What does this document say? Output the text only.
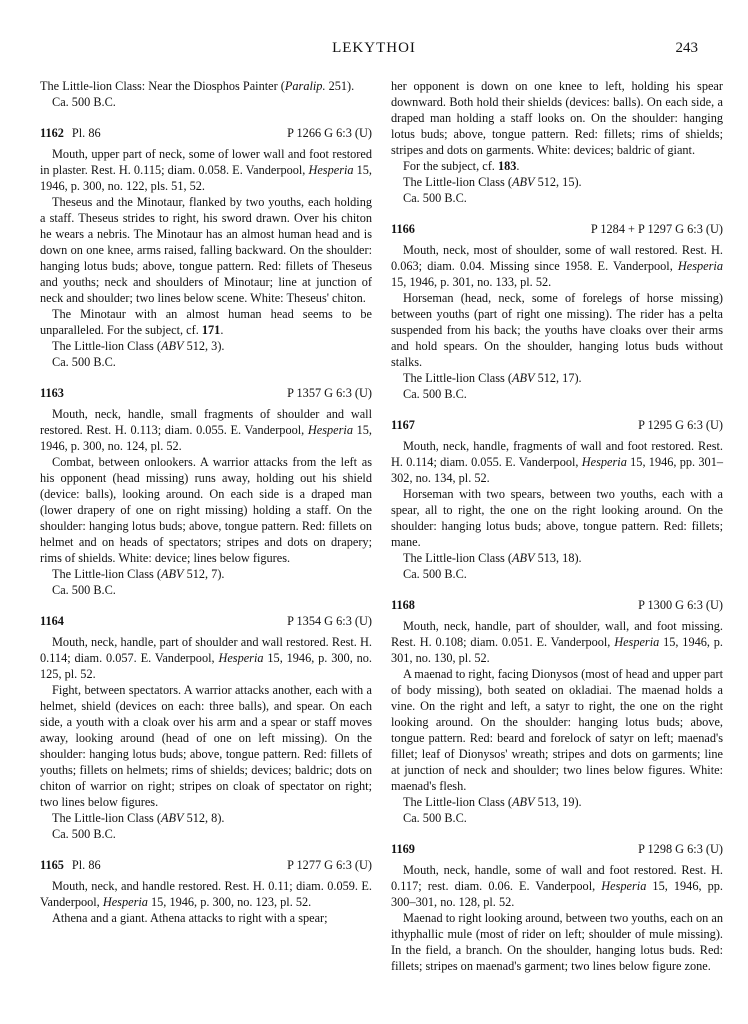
LEKYTHOI	243

The Little-lion Class: Near the Diosphos Painter (Paralip. 251).

Ca. 500 B.C.

1162 Pl. 86	P 1266 G 6:3 (U)

Mouth, upper part of neck, some of lower wall and foot restored in plaster. Rest. H. 0.115; diam. 0.058. E. Vanderpool, Hesperia 15, 1946, p. 300, no. 122, pls. 51, 52.

Theseus and the Minotaur, flanked by two youths, each holding a staff. Theseus strides to right, his sword drawn. Over his chiton he wears a nebris. The Minotaur has an almost human head and is down on one knee, arms raised, falling backward. On the shoulder: hanging lotus buds; above, tongue pattern. Red: fillets of Theseus and youths; neck and shoulders of Minotaur; line at junction of neck and shoulder; two lines below scene. White: Theseus' chiton.

The Minotaur with an almost human head seems to be unparalleled. For the subject, cf. 171.

The Little-lion Class (ABV 512, 3).

Ca. 500 B.C.

1163	P 1357 G 6:3 (U)

Mouth, neck, handle, small fragments of shoulder and wall restored. Rest. H. 0.113; diam. 0.055. E. Vanderpool, Hesperia 15, 1946, p. 300, no. 124, pl. 52.

Combat, between onlookers. A warrior attacks from the left as his opponent (head missing) runs away, holding out his shield (device: balls), looking around. On each side is a draped man (lower drapery of one on right missing) holding a staff. On the shoulder: hanging lotus buds; above, tongue pattern. Red: fillets on helmet and on heads of spectators; stripes and dots on drapery; rims of shields. White: device; lines below figures.

The Little-lion Class (ABV 512, 7).

Ca. 500 B.C.

1164	P 1354 G 6:3 (U)

Mouth, neck, handle, part of shoulder and wall restored. Rest. H. 0.114; diam. 0.057. E. Vanderpool, Hesperia 15, 1946, p. 300, no. 125, pl. 52.

Fight, between spectators. A warrior attacks another, each with a helmet, shield (devices on each: three balls), and spear. On each side, a youth with a cloak over his arm and a spear or staff moves away, looking around (head of one on left missing). On the shoulder: hanging lotus buds; above, tongue pattern. Red: fillets of youths; fillets on helmets; rims of shields; devices; baldric; dots on chiton of warrior on right; stripes on cloak of spectator on right; two lines below figures.

The Little-lion Class (ABV 512, 8).

Ca. 500 B.C.

1165 Pl. 86	P 1277 G 6:3 (U)

Mouth, neck, and handle restored. Rest. H. 0.11; diam. 0.059. E. Vanderpool, Hesperia 15, 1946, p. 300, no. 123, pl. 52.

Athena and a giant. Athena attacks to right with a spear;

her opponent is down on one knee to left, holding his spear downward. Both hold their shields (devices: balls). On each side, a draped man holding a staff looks on. On the shoulder: hanging lotus buds; above, tongue pattern. Red: fillets; rims of shields; stripes and dots on garments. White: devices; baldric of giant.

For the subject, cf. 183.

The Little-lion Class (ABV 512, 15).

Ca. 500 B.C.

1166	P 1284 + P 1297 G 6:3 (U)

Mouth, neck, most of shoulder, some of wall restored. Rest. H. 0.063; diam. 0.04. Missing since 1958. E. Vanderpool, Hesperia 15, 1946, p. 301, no. 133, pl. 52.

Horseman (head, neck, some of forelegs of horse missing) between youths (part of right one missing). The rider has a pelta suspended from his back; the youths have cloaks over their arms and hold spears. On the shoulder, hanging lotus buds without stalks.

The Little-lion Class (ABV 512, 17).

Ca. 500 B.C.

1167	P 1295 G 6:3 (U)

Mouth, neck, handle, fragments of wall and foot restored. Rest. H. 0.114; diam. 0.055. E. Vanderpool, Hesperia 15, 1946, pp. 301–302, no. 134, pl. 52.

Horseman with two spears, between two youths, each with a spear, all to right, the one on the right looking around. On the shoulder: hanging lotus buds; above, tongue pattern. Red: fillets; mane.

The Little-lion Class (ABV 513, 18).

Ca. 500 B.C.

1168	P 1300 G 6:3 (U)

Mouth, neck, handle, part of shoulder, wall, and foot missing. Rest. H. 0.108; diam. 0.051. E. Vanderpool, Hesperia 15, 1946, p. 301, no. 130, pl. 52.

A maenad to right, facing Dionysos (most of head and upper part of body missing), both seated on okladiai. The maenad holds a vine. On the right and left, a satyr to right, the one on the right looking around. On the shoulder: hanging lotus buds; above, tongue pattern. Red: beard and forelock of satyr on left; maenad's fillet; leaf of Dionysos' wreath; stripes and dots on garments; line at junction of neck and shoulder; two lines below figures. White: maenad's flesh.

The Little-lion Class (ABV 513, 19).

Ca. 500 B.C.

1169	P 1298 G 6:3 (U)

Mouth, neck, handle, some of wall and foot restored. Rest. H. 0.117; rest. diam. 0.06. E. Vanderpool, Hesperia 15, 1946, pp. 300–301, no. 128, pl. 52.

Maenad to right looking around, between two youths, each on an ithyphallic mule (most of rider on left; shoulder of mule missing). In the field, a branch. On the shoulder, hanging lotus buds. Red: fillets; stripes on maenad's garment; two lines below figure zone.
